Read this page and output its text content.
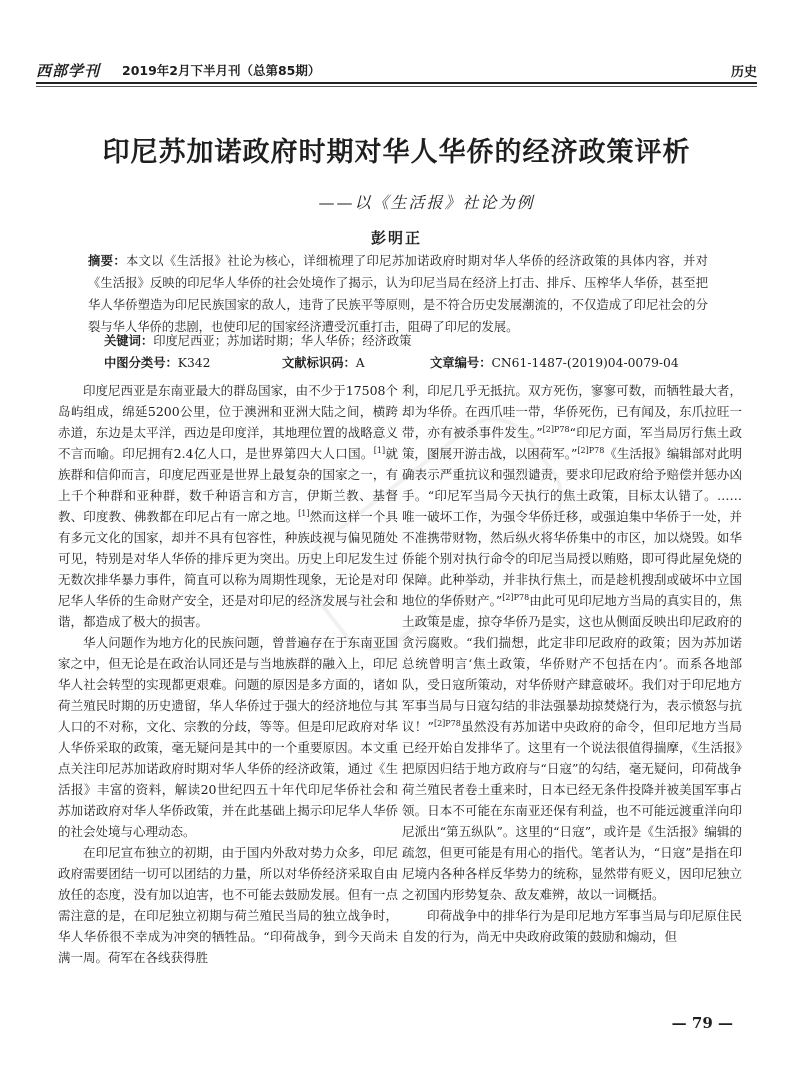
西部学刊 2019年2月下半月刊（总第85期）	历史
印尼苏加诺政府时期对华人华侨的经济政策评析
——以《生活报》社论为例
彭明正
摘要：本文以《生活报》社论为核心，详细梳理了印尼苏加诺政府时期对华人华侨的经济政策的具体内容，并对《生活报》反映的印尼华人华侨的社会处境作了揭示，认为印尼当局在经济上打击、排斥、压榨华人华侨，甚至把华人华侨塑造为印尼民族国家的敌人，违背了民族平等原则，是不符合历史发展潮流的，不仅造成了印尼社会的分裂与华人华侨的悲剧，也使印尼的国家经济遭受沉重打击，阻碍了印尼的发展。
关键词：印度尼西亚；苏加诺时期；华人华侨；经济政策
中图分类号：K342	文献标识码：A	文章编号：CN61-1487-(2019)04-0079-04

印度尼西亚是东南亚最大的群岛国家，由不少于17508个岛屿组成，绵延5200公里，位于澳洲和亚洲大陆之间，横跨赤道，东边是太平洋，西边是印度洋，其地理位置的战略意义不言而喻。印尼拥有2.4亿人口，是世界第四大人口国。[1]就族群和信仰而言，印度尼西亚是世界上最复杂的国家之一，有上千个种群和亚种群，数千种语言和方言，伊斯兰教、基督教、印度教、佛教都在印尼占有一席之地。[1]然而这样一个具有多元文化的国家，却并不具有包容性，种族歧视与偏见随处可见，特别是对华人华侨的排斥更为突出。历史上印尼发生过无数次排华暴力事件，简直可以称为周期性现象，无论是对印尼华人华侨的生命财产安全，还是对印尼的经济发展与社会和谐，都造成了极大的损害。

华人问题作为地方化的民族问题，曾普遍存在于东南亚国家之中，但无论是在政治认同还是与当地族群的融入上，印尼华人社会转型的实现都更艰难。问题的原因是多方面的，诸如荷兰殖民时期的历史遗留，华人华侨过于强大的经济地位与其人口的不对称，文化、宗教的分歧，等等。但是印尼政府对华人华侨采取的政策，毫无疑问是其中的一个重要原因。本文重点关注印尼苏加诺政府时期对华人华侨的经济政策，通过《生活报》丰富的资料，解读20世纪四五十年代印尼华侨社会和苏加诺政府对华人华侨政策，并在此基础上揭示印尼华人华侨的社会处境与心理动态。

在印尼宣布独立的初期，由于国内外敌对势力众多，印尼政府需要团结一切可以团结的力量，所以对华侨经济采取自由放任的态度，没有加以迫害，也不可能去鼓励发展。但有一点需注意的是，在印尼独立初期与荷兰殖民当局的独立战争时，华人华侨很不幸成为冲突的牺牲品。“印荷战争，到今天尚未满一周。荷军在各线获得胜

利，印尼几乎无抵抗。双方死伤，寥寥可数，而牺牲最大者，却为华侨。在西爪哇一带，华侨死伤，已有闻及，东爪拉旺一带，亦有被杀事件发生。”$^{[2]P78}$“印尼方面，军当局厉行焦土政策，图展开游击战，以困荷军。”$^{[2]P78}$《生活报》编辑部对此明确表示严重抗议和强烈谴责，要求印尼政府给予赔偿并惩办凶手。“印尼军当局今天执行的焦土政策，目标太认错了。……唯一破坏工作，为强令华侨迁移，或强迫集中华侨于一处，并不准携带财物，然后纵火将华侨集中的市区，加以烧毁。如华侨能个别对执行命令的印尼当局授以贿赂，即可得此屋免烧的保障。此种举动，并非执行焦土，而是趁机搜刮或破坏中立国地位的华侨财产。”$^{[2]P78}$由此可见印尼地方当局的真实目的，焦土政策是虚，掠夺华侨乃是实，这也从侧面反映出印尼政府的贪污腐败。“我们揣想，此定非印尼政府的政策；因为苏加诺总统曾明言‘焦土政策，华侨财产不包括在内’。而系各地部队，受日寇所策动，对华侨财产肆意破坏。我们对于印尼地方军事当局与日寇勾结的非法强暴劫掠焚烧行为，表示愤怒与抗议！”$^{[2]P78}$虽然没有苏加诺中央政府的命令，但印尼地方当局已经开始自发排华了。这里有一个说法很值得揣摩，《生活报》把原因归结于地方政府与“日寇”的勾结，毫无疑问，印荷战争荷兰殖民者卷土重来时，日本已经无条件投降并被美国军事占领。日本不可能在东南亚还保有利益，也不可能远渡重洋向印尼派出“第五纵队”。这里的“日寇”，或许是《生活报》编辑的疏忽，但更可能是有用心的指代。笔者认为，“日寇”是指在印尼境内各种各样反华势力的统称，显然带有贬义，因印尼独立之初国内形势复杂、敌友难辨，故以一词概括。

印荷战争中的排华行为是印尼地方军事当局与印尼原住民自发的行为，尚无中央政府政策的鼓励和煽动，但

— 79 —
